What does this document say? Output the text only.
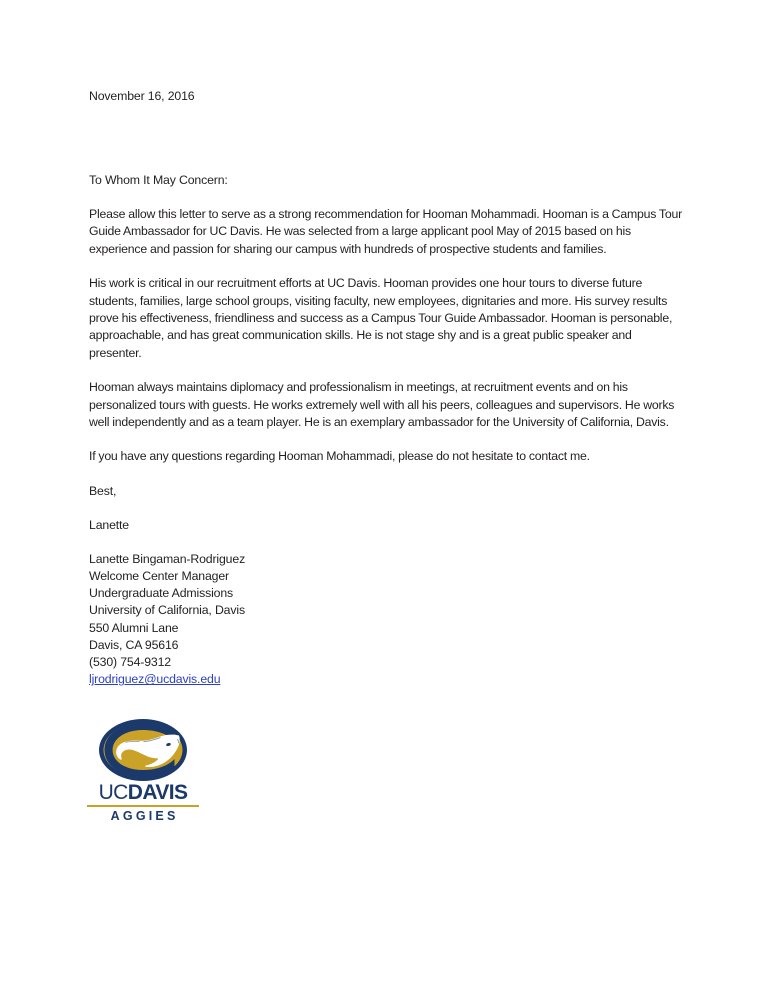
November 16, 2016
To Whom It May Concern:

Please allow this letter to serve as a strong recommendation for Hooman Mohammadi. Hooman is a Campus Tour Guide Ambassador for UC Davis. He was selected from a large applicant pool May of 2015 based on his experience and passion for sharing our campus with hundreds of prospective students and families.

His work is critical in our recruitment efforts at UC Davis. Hooman provides one hour tours to diverse future students, families, large school groups, visiting faculty, new employees, dignitaries and more. His survey results prove his effectiveness, friendliness and success as a Campus Tour Guide Ambassador. Hooman is personable, approachable, and has great communication skills. He is not stage shy and is a great public speaker and presenter.

Hooman always maintains diplomacy and professionalism in meetings, at recruitment events and on his personalized tours with guests. He works extremely well with all his peers, colleagues and supervisors. He works well independently and as a team player. He is an exemplary ambassador for the University of California, Davis.

If you have any questions regarding Hooman Mohammadi, please do not hesitate to contact me.

Best,
Lanette
Lanette Bingaman-Rodriguez
Welcome Center Manager
Undergraduate Admissions
University of California, Davis
550 Alumni Lane
Davis, CA 95616
(530) 754-9312
ljrodriguez@ucdavis.edu
UCDAVIS
AGGIES
